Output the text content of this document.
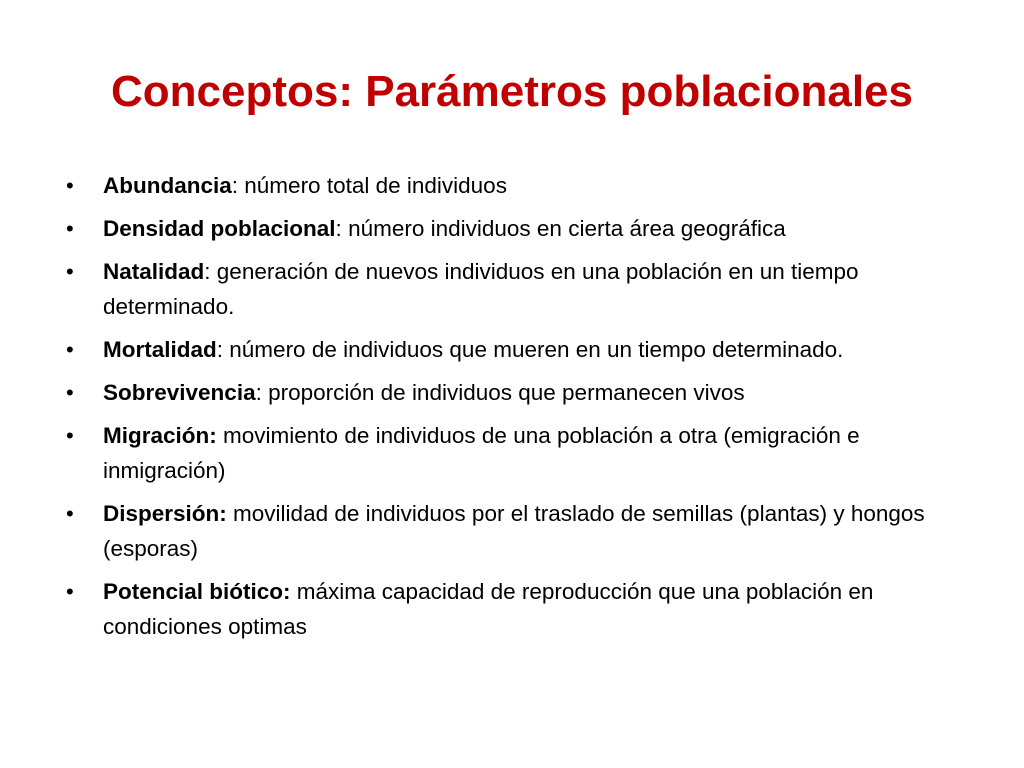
Conceptos: Parámetros poblacionales
• Abundancia: número total de individuos
• Densidad poblacional: número individuos en cierta área geográfica
• Natalidad: generación de nuevos individuos en una población en un tiempo determinado.
• Mortalidad: número de individuos que mueren en un tiempo determinado.
• Sobrevivencia: proporción de individuos que permanecen vivos
• Migración: movimiento de individuos de una población a otra (emigración e inmigración)
• Dispersión: movilidad de individuos por el traslado de semillas (plantas) y hongos (esporas)
• Potencial biótico: máxima capacidad de reproducción que una población en condiciones optimas
